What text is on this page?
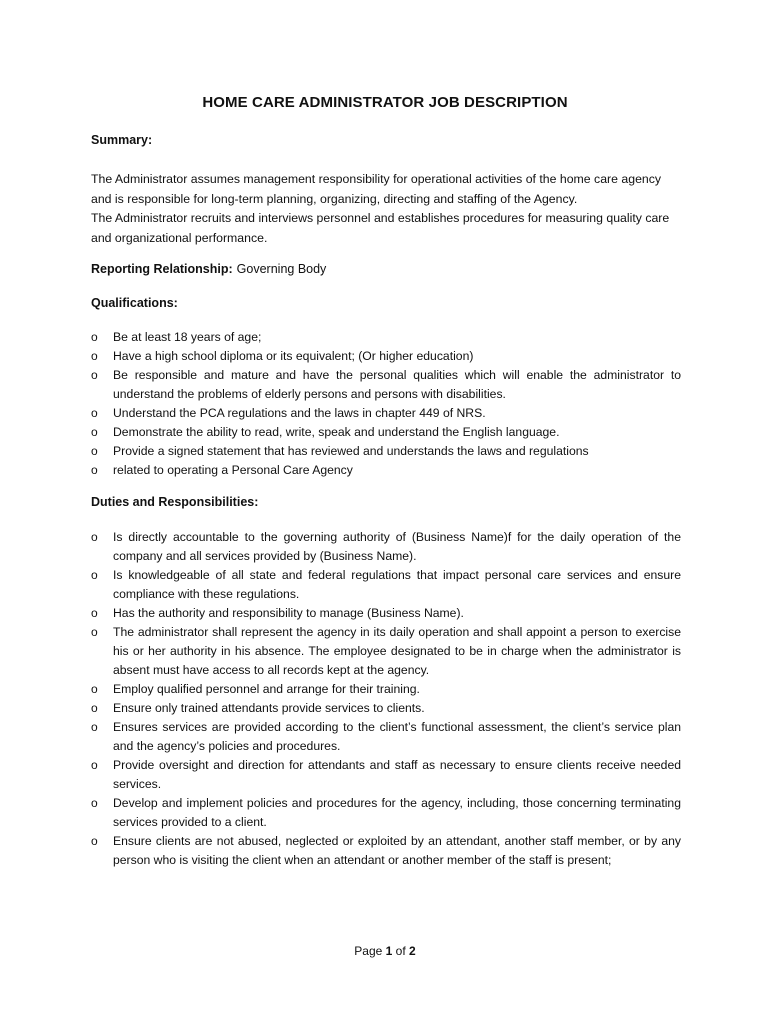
HOME CARE ADMINISTRATOR JOB DESCRIPTION
Summary:
The Administrator assumes management responsibility for operational activities of the home care agency and is responsible for long-term planning, organizing, directing and staffing of the Agency.
The Administrator recruits and interviews personnel and establishes procedures for measuring quality care and organizational performance.
Reporting Relationship: Governing Body
Qualifications:
o Be at least 18 years of age;
o Have a high school diploma or its equivalent; (Or higher education)
o Be responsible and mature and have the personal qualities which will enable the administrator to understand the problems of elderly persons and persons with disabilities.
o Understand the PCA regulations and the laws in chapter 449 of NRS.
o Demonstrate the ability to read, write, speak and understand the English language.
o Provide a signed statement that has reviewed and understands the laws and regulations
o related to operating a Personal Care Agency
Duties and Responsibilities:
o Is directly accountable to the governing authority of (Business Name)f for the daily operation of the company and all services provided by (Business Name).
o Is knowledgeable of all state and federal regulations that impact personal care services and ensure compliance with these regulations.
o Has the authority and responsibility to manage (Business Name).
o The administrator shall represent the agency in its daily operation and shall appoint a person to exercise his or her authority in his absence. The employee designated to be in charge when the administrator is absent must have access to all records kept at the agency.
o Employ qualified personnel and arrange for their training.
o Ensure only trained attendants provide services to clients.
o Ensures services are provided according to the client’s functional assessment, the client’s service plan and the agency’s policies and procedures.
o Provide oversight and direction for attendants and staff as necessary to ensure clients receive needed services.
o Develop and implement policies and procedures for the agency, including, those concerning terminating services provided to a client.
o Ensure clients are not abused, neglected or exploited by an attendant, another staff member, or by any person who is visiting the client when an attendant or another member of the staff is present;
Page 1 of 2
